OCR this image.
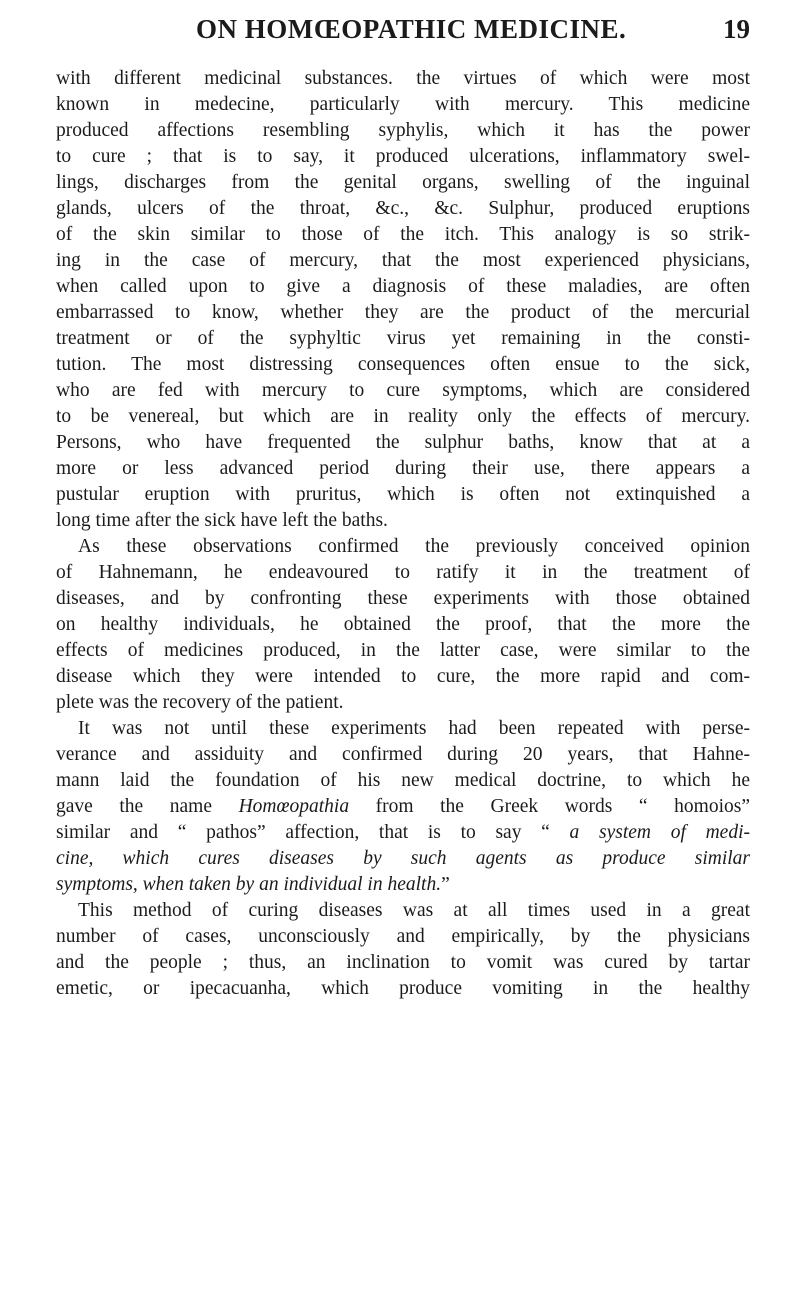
ON HOMŒOPATHIC MEDICINE.	19
with different medicinal substances. the virtues of which were most
known in medecine, particularly with mercury. This medicine
produced affections resembling syphylis, which it has the power
to cure ; that is to say, it produced ulcerations, inflammatory swel-
lings, discharges from the genital organs, swelling of the inguinal
glands, ulcers of the throat, &c., &c. Sulphur, produced eruptions
of the skin similar to those of the itch. This analogy is so strik-
ing in the case of mercury, that the most experienced physicians,
when called upon to give a diagnosis of these maladies, are often
embarrassed to know, whether they are the product of the mercurial
treatment or of the syphyltic virus yet remaining in the consti-
tution. The most distressing consequences often ensue to the sick,
who are fed with mercury to cure symptoms, which are considered
to be venereal, but which are in reality only the effects of mercury.
Persons, who have frequented the sulphur baths, know that at a
more or less advanced period during their use, there appears a
pustular eruption with pruritus, which is often not extinquished a
long time after the sick have left the baths.
As these observations confirmed the previously conceived opinion
of Hahnemann, he endeavoured to ratify it in the treatment of
diseases, and by confronting these experiments with those obtained
on healthy individuals, he obtained the proof, that the more the
effects of medicines produced, in the latter case, were similar to the
disease which they were intended to cure, the more rapid and com-
plete was the recovery of the patient.
It was not until these experiments had been repeated with perse-
verance and assiduity and confirmed during 20 years, that Hahne-
mann laid the foundation of his new medical doctrine, to which he
gave the name Homœopathia from the Greek words “ homoios”
similar and “ pathos” affection, that is to say “ a system of medi-
cine, which cures diseases by such agents as produce similar
symptoms, when taken by an individual in health.”
This method of curing diseases was at all times used in a great
number of cases, unconsciously and empirically, by the physicians
and the people ; thus, an inclination to vomit was cured by tartar
emetic, or ipecacuanha, which produce vomiting in the healthy
